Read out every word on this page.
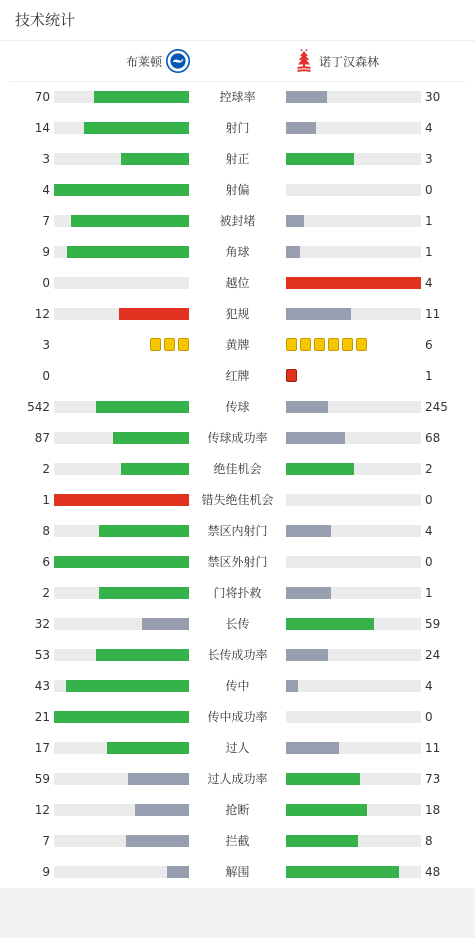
技术统计
布莱顿	诺丁汉森林
70	控球率	30
14	射门	4
3	射正	3
4	射偏	0
7	被封堵	1
9	角球	1
0	越位	4
12	犯规	11
3	黄牌	6
0	红牌	1
542	传球	245
87	传球成功率	68
2	绝佳机会	2
1	错失绝佳机会	0
8	禁区内射门	4
6	禁区外射门	0
2	门将扑救	1
32	长传	59
53	长传成功率	24
43	传中	4
21	传中成功率	0
17	过人	11
59	过人成功率	73
12	抢断	18
7	拦截	8
9	解围	48
